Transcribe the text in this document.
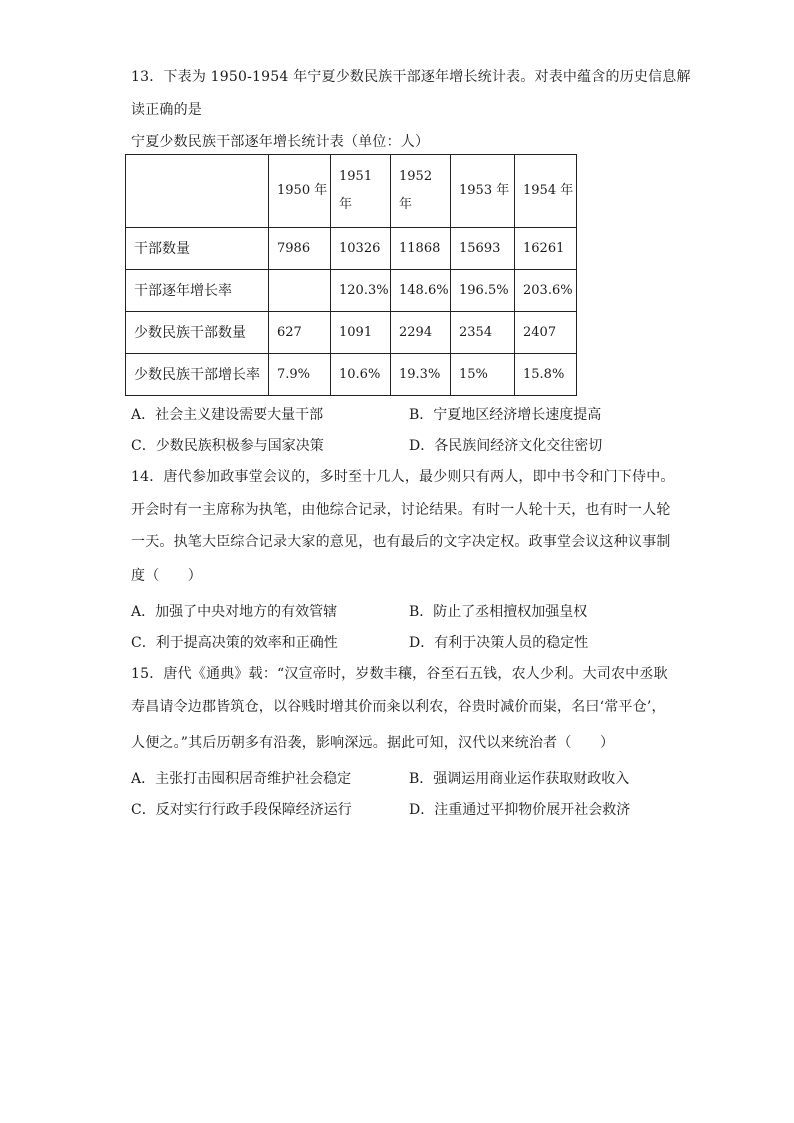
13．下表为 1950-1954 年宁夏少数民族干部逐年增长统计表。对表中蕴含的历史信息解
读正确的是
宁夏少数民族干部逐年增长统计表（单位：人）
	1950 年	1951
年	1952
年	1953 年	1954 年
干部数量	7986	10326	11868	15693	16261
干部逐年增长率		120.3%	148.6%	196.5%	203.6%
少数民族干部数量	627	1091	2294	2354	2407
少数民族干部增长率	7.9%	10.6%	19.3%	15%	15.8%
A．社会主义建设需要大量干部	B．宁夏地区经济增长速度提高
C．少数民族积极参与国家决策	D．各民族间经济文化交往密切
14．唐代参加政事堂会议的，多时至十几人，最少则只有两人，即中书令和门下侍中。
开会时有一主席称为执笔，由他综合记录，讨论结果。有时一人轮十天，也有时一人轮
一天。执笔大臣综合记录大家的意见，也有最后的文字决定权。政事堂会议这种议事制
度（　　）
A．加强了中央对地方的有效管辖	B．防止了丞相擅权加强皇权
C．利于提高决策的效率和正确性	D．有利于决策人员的稳定性
15．唐代《通典》载：“汉宣帝时，岁数丰穰，谷至石五钱，农人少利。大司农中丞耿
寿昌请令边郡皆筑仓，以谷贱时增其价而籴以利农，谷贵时减价而粜，名曰‘常平仓’，
人便之。”其后历朝多有沿袭，影响深远。据此可知，汉代以来统治者（　　）
A．主张打击囤积居奇维护社会稳定	B．强调运用商业运作获取财政收入
C．反对实行行政手段保障经济运行	D．注重通过平抑物价展开社会救济
